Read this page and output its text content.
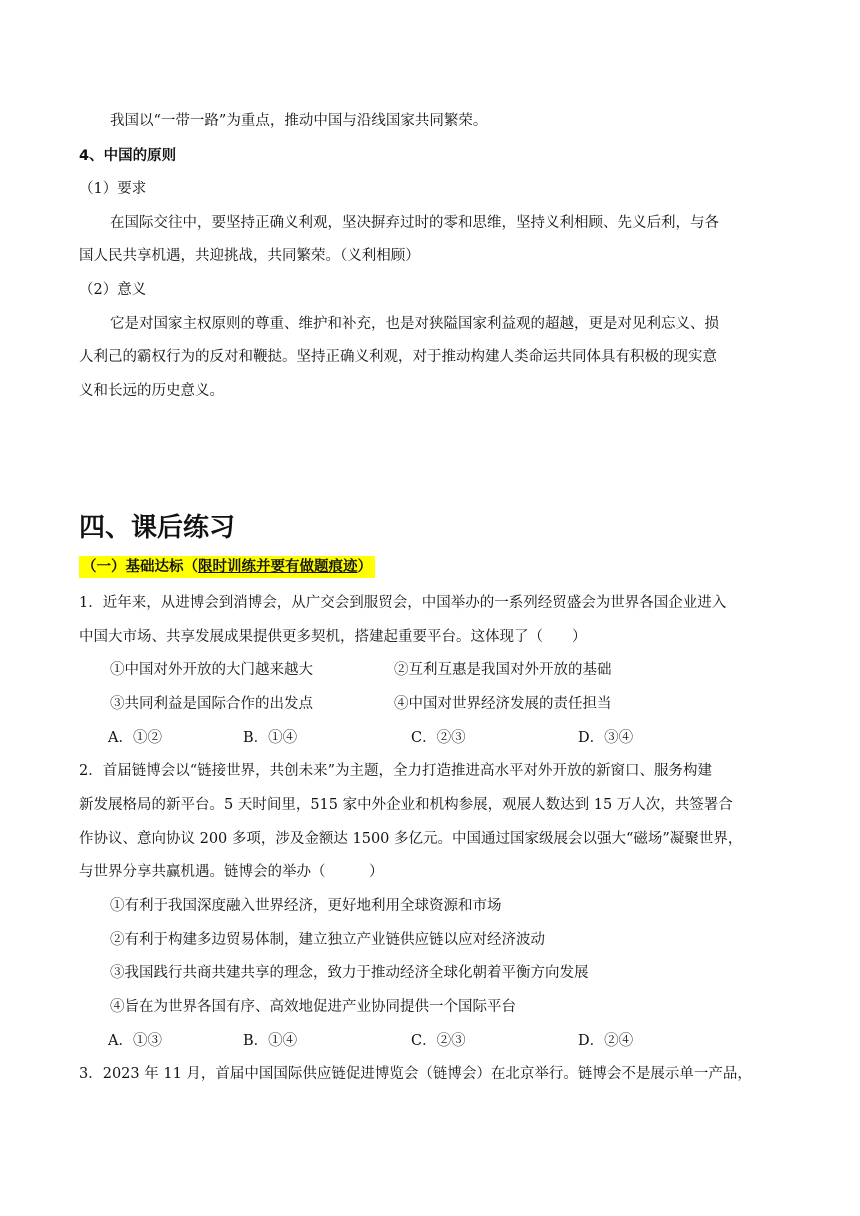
我国以“一带一路”为重点，推动中国与沿线国家共同繁荣。
4、中国的原则
（1）要求
在国际交往中，要坚持正确义利观，坚决摒弃过时的零和思维，坚持义利相顾、先义后利，与各
国人民共享机遇，共迎挑战，共同繁荣。（义利相顾）
（2）意义
它是对国家主权原则的尊重、维护和补充，也是对狭隘国家利益观的超越，更是对见利忘义、损
人利己的霸权行为的反对和鞭挞。坚持正确义利观，对于推动构建人类命运共同体具有积极的现实意
义和长远的历史意义。
四、课后练习
（一）基础达标（限时训练并要有做题痕迹）
1．近年来，从进博会到消博会，从广交会到服贸会，中国举办的一系列经贸盛会为世界各国企业进入
中国大市场、共享发展成果提供更多契机，搭建起重要平台。这体现了（　　）
①中国对外开放的大门越来越大	②互利互惠是我国对外开放的基础
③共同利益是国际合作的出发点	④中国对世界经济发展的责任担当
A．①②	B．①④	C．②③	D．③④
2．首届链博会以“链接世界，共创未来”为主题，全力打造推进高水平对外开放的新窗口、服务构建
新发展格局的新平台。5 天时间里，515 家中外企业和机构参展，观展人数达到 15 万人次，共签署合
作协议、意向协议 200 多项，涉及金额达 1500 多亿元。中国通过国家级展会以强大“磁场”凝聚世界，
与世界分享共赢机遇。链博会的举办（　　　）
①有利于我国深度融入世界经济，更好地利用全球资源和市场
②有利于构建多边贸易体制，建立独立产业链供应链以应对经济波动
③我国践行共商共建共享的理念，致力于推动经济全球化朝着平衡方向发展
④旨在为世界各国有序、高效地促进产业协同提供一个国际平台
A．①③	B．①④	C．②③	D．②④
3．2023 年 11 月，首届中国国际供应链促进博览会（链博会）在北京举行。链博会不是展示单一产品，
